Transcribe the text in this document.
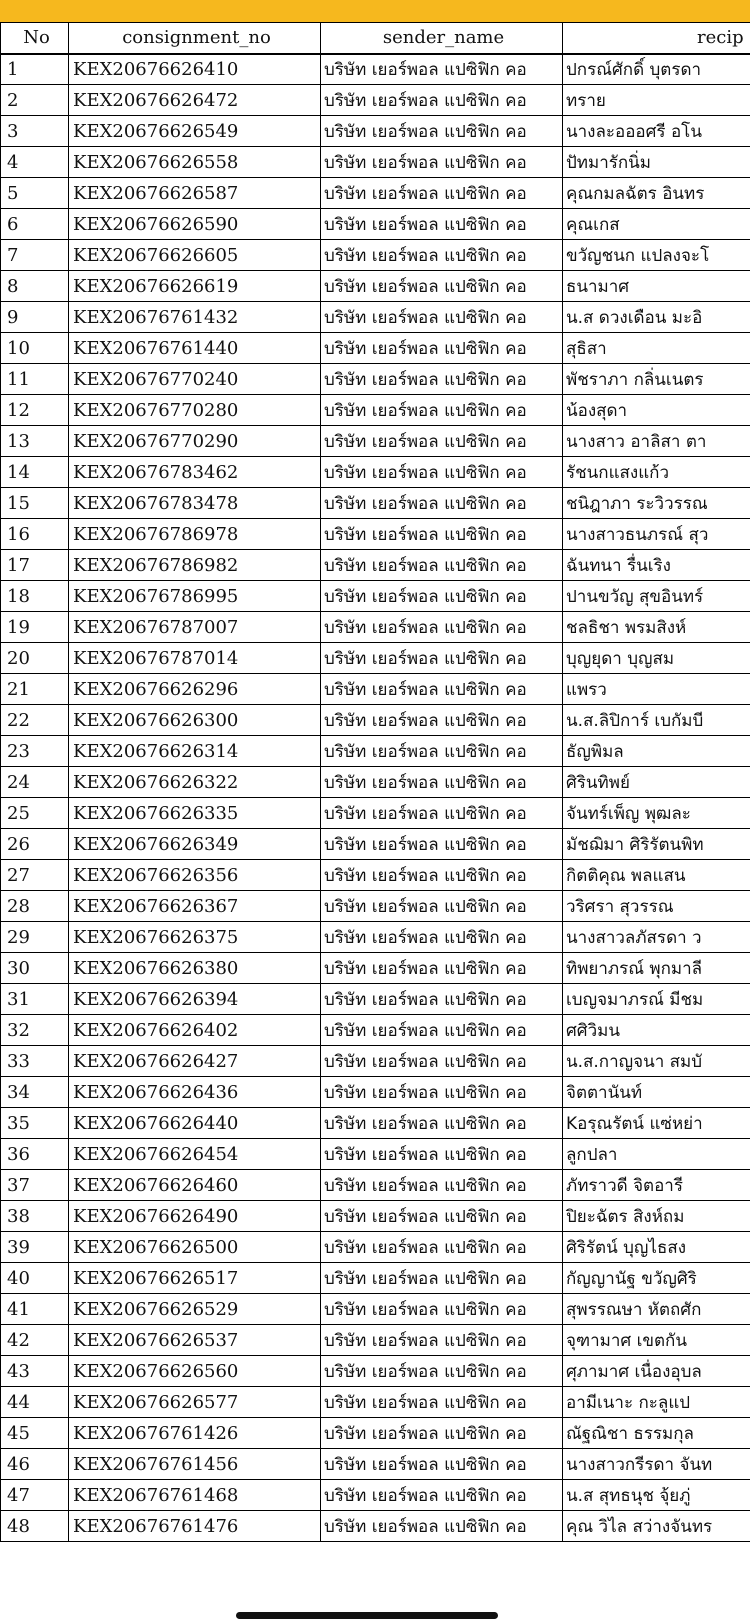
No	consignment_no	sender_name	recip
1	KEX20676626410	บริษัท เยอร์พอล แปซิฟิก คอ	ปกรณ์ศักดิ์ บุตรดา
2	KEX20676626472	บริษัท เยอร์พอล แปซิฟิก คอ	ทราย
3	KEX20676626549	บริษัท เยอร์พอล แปซิฟิก คอ	นางละอออศรี อโน
4	KEX20676626558	บริษัท เยอร์พอล แปซิฟิก คอ	ปัทมารักนิ่ม
5	KEX20676626587	บริษัท เยอร์พอล แปซิฟิก คอ	คุณกมลฉัตร อินทร
6	KEX20676626590	บริษัท เยอร์พอล แปซิฟิก คอ	คุณเกส
7	KEX20676626605	บริษัท เยอร์พอล แปซิฟิก คอ	ขวัญชนก แปลงจะโ
8	KEX20676626619	บริษัท เยอร์พอล แปซิฟิก คอ	ธนามาศ
9	KEX20676761432	บริษัท เยอร์พอล แปซิฟิก คอ	น.ส ดวงเดือน มะอิ
10	KEX20676761440	บริษัท เยอร์พอล แปซิฟิก คอ	สุธิสา
11	KEX20676770240	บริษัท เยอร์พอล แปซิฟิก คอ	พัชราภา กลิ่นเนตร
12	KEX20676770280	บริษัท เยอร์พอล แปซิฟิก คอ	น้องสุดา
13	KEX20676770290	บริษัท เยอร์พอล แปซิฟิก คอ	นางสาว อาลิสา ตา
14	KEX20676783462	บริษัท เยอร์พอล แปซิฟิก คอ	รัชนกแสงแก้ว
15	KEX20676783478	บริษัท เยอร์พอล แปซิฟิก คอ	ชนิฎาภา ระวิวรรณ
16	KEX20676786978	บริษัท เยอร์พอล แปซิฟิก คอ	นางสาวธนภรณ์ สุว
17	KEX20676786982	บริษัท เยอร์พอล แปซิฟิก คอ	ฉันทนา รื่นเริง
18	KEX20676786995	บริษัท เยอร์พอล แปซิฟิก คอ	ปานขวัญ สุขอินทร์
19	KEX20676787007	บริษัท เยอร์พอล แปซิฟิก คอ	ชลธิชา พรมสิงห์
20	KEX20676787014	บริษัท เยอร์พอล แปซิฟิก คอ	บุญยุดา บุญสม
21	KEX20676626296	บริษัท เยอร์พอล แปซิฟิก คอ	แพรว
22	KEX20676626300	บริษัท เยอร์พอล แปซิฟิก คอ	น.ส.ลิปิการ์ เบกัมบี
23	KEX20676626314	บริษัท เยอร์พอล แปซิฟิก คอ	ธัญพิมล
24	KEX20676626322	บริษัท เยอร์พอล แปซิฟิก คอ	ศิรินทิพย์
25	KEX20676626335	บริษัท เยอร์พอล แปซิฟิก คอ	จันทร์เพ็ญ พุฒละ
26	KEX20676626349	บริษัท เยอร์พอล แปซิฟิก คอ	มัชฌิมา ศิริรัตนพิท
27	KEX20676626356	บริษัท เยอร์พอล แปซิฟิก คอ	กิตติคุณ พลแสน
28	KEX20676626367	บริษัท เยอร์พอล แปซิฟิก คอ	วริศรา สุวรรณ
29	KEX20676626375	บริษัท เยอร์พอล แปซิฟิก คอ	นางสาวลภัสรดา ว
30	KEX20676626380	บริษัท เยอร์พอล แปซิฟิก คอ	ทิพยาภรณ์ พุกมาลี
31	KEX20676626394	บริษัท เยอร์พอล แปซิฟิก คอ	เบญจมาภรณ์ มีชม
32	KEX20676626402	บริษัท เยอร์พอล แปซิฟิก คอ	ศศิวิมน
33	KEX20676626427	บริษัท เยอร์พอล แปซิฟิก คอ	น.ส.กาญจนา สมบั
34	KEX20676626436	บริษัท เยอร์พอล แปซิฟิก คอ	จิตตานันท์
35	KEX20676626440	บริษัท เยอร์พอล แปซิฟิก คอ	Kอรุณรัตน์ แซ่หย่า
36	KEX20676626454	บริษัท เยอร์พอล แปซิฟิก คอ	ลูกปลา
37	KEX20676626460	บริษัท เยอร์พอล แปซิฟิก คอ	ภัทราวดี จิตอารี
38	KEX20676626490	บริษัท เยอร์พอล แปซิฟิก คอ	ปิยะฉัตร สิงห์ถม
39	KEX20676626500	บริษัท เยอร์พอล แปซิฟิก คอ	ศิริรัตน์ บุญไธสง
40	KEX20676626517	บริษัท เยอร์พอล แปซิฟิก คอ	กัญญานัฐ ขวัญศิริ
41	KEX20676626529	บริษัท เยอร์พอล แปซิฟิก คอ	สุพรรณษา หัตถศัก
42	KEX20676626537	บริษัท เยอร์พอล แปซิฟิก คอ	จุฑามาศ เขตกัน
43	KEX20676626560	บริษัท เยอร์พอล แปซิฟิก คอ	ศุภามาศ เนื่องอุบล
44	KEX20676626577	บริษัท เยอร์พอล แปซิฟิก คอ	อามีเนาะ กะลูแป
45	KEX20676761426	บริษัท เยอร์พอล แปซิฟิก คอ	ณัฐณิชา ธรรมกุล
46	KEX20676761456	บริษัท เยอร์พอล แปซิฟิก คอ	นางสาวกรีรดา จันท
47	KEX20676761468	บริษัท เยอร์พอล แปซิฟิก คอ	น.ส สุทธนุช จุ้ยภู่
48	KEX20676761476	บริษัท เยอร์พอล แปซิฟิก คอ	คุณ วิไล สว่างจันทร
